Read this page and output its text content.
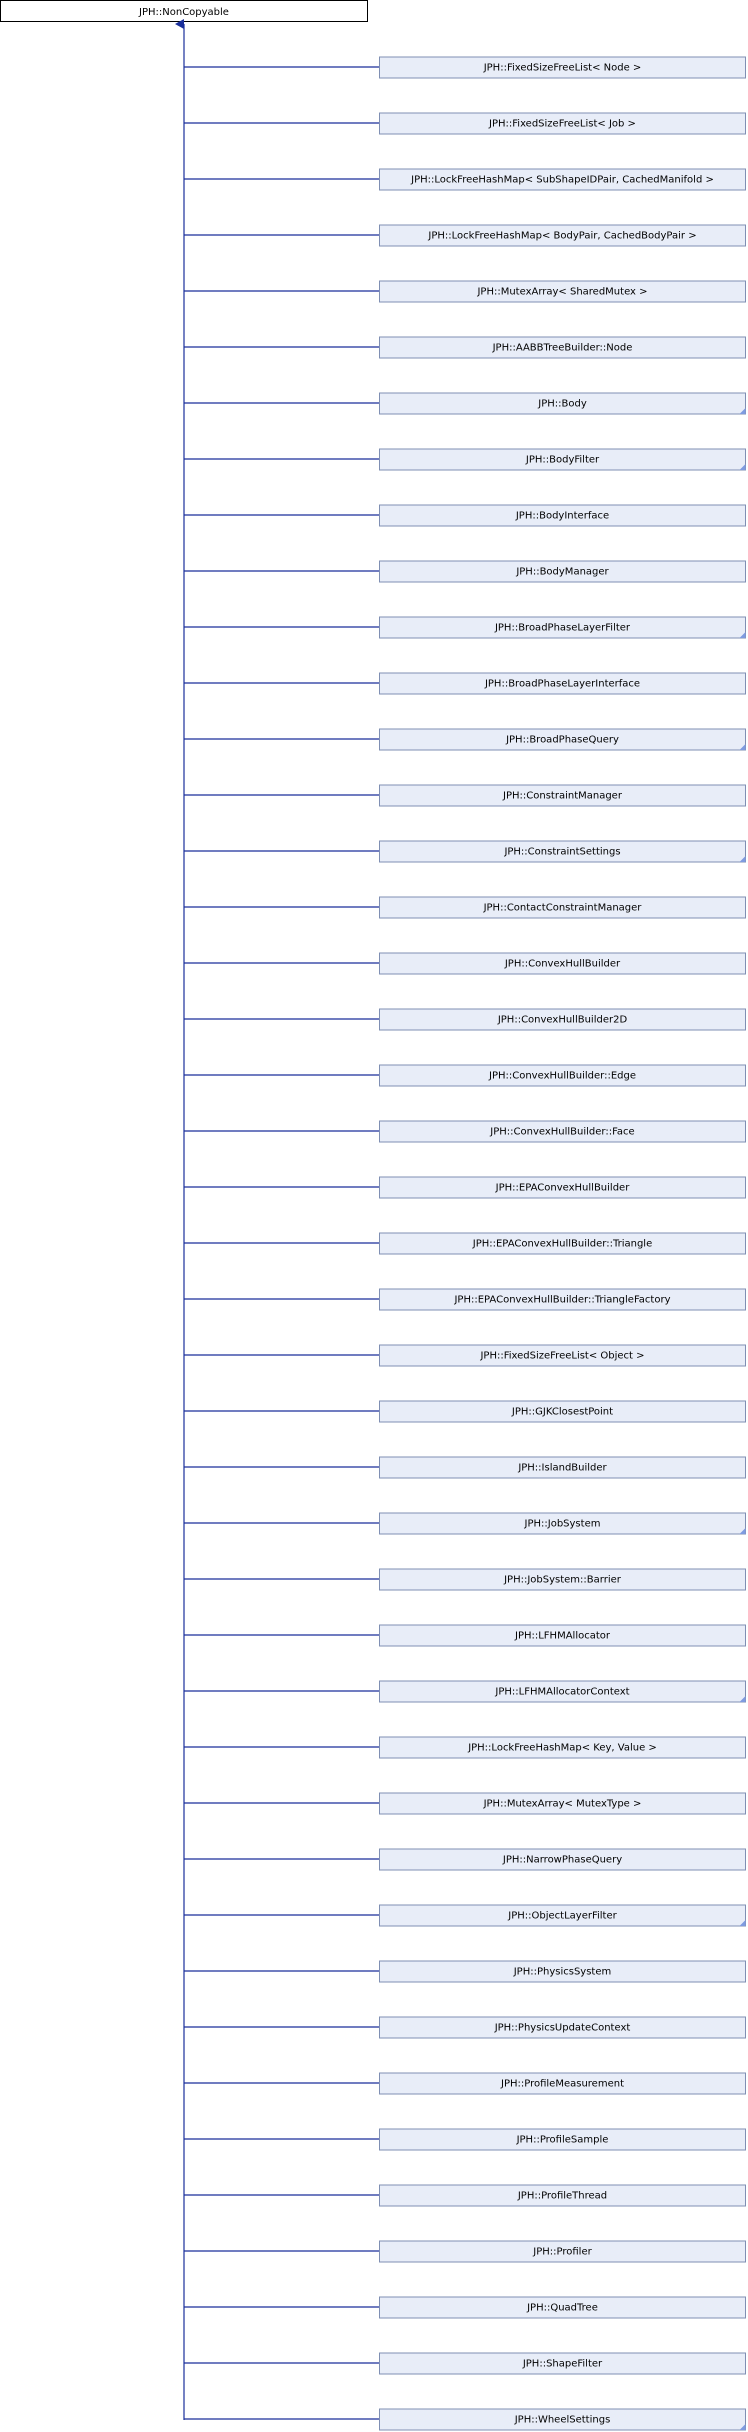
JPH::NonCopyable
JPH::FixedSizeFreeList< Node >
JPH::FixedSizeFreeList< Job >
JPH::LockFreeHashMap< SubShapeIDPair, CachedManifold >
JPH::LockFreeHashMap< BodyPair, CachedBodyPair >
JPH::MutexArray< SharedMutex >
JPH::AABBTreeBuilder::Node
JPH::Body
JPH::BodyFilter
JPH::BodyInterface
JPH::BodyManager
JPH::BroadPhaseLayerFilter
JPH::BroadPhaseLayerInterface
JPH::BroadPhaseQuery
JPH::ConstraintManager
JPH::ConstraintSettings
JPH::ContactConstraintManager
JPH::ConvexHullBuilder
JPH::ConvexHullBuilder2D
JPH::ConvexHullBuilder::Edge
JPH::ConvexHullBuilder::Face
JPH::EPAConvexHullBuilder
JPH::EPAConvexHullBuilder::Triangle
JPH::EPAConvexHullBuilder::TriangleFactory
JPH::FixedSizeFreeList< Object >
JPH::GJKClosestPoint
JPH::IslandBuilder
JPH::JobSystem
JPH::JobSystem::Barrier
JPH::LFHMAllocator
JPH::LFHMAllocatorContext
JPH::LockFreeHashMap< Key, Value >
JPH::MutexArray< MutexType >
JPH::NarrowPhaseQuery
JPH::ObjectLayerFilter
JPH::PhysicsSystem
JPH::PhysicsUpdateContext
JPH::ProfileMeasurement
JPH::ProfileSample
JPH::ProfileThread
JPH::Profiler
JPH::QuadTree
JPH::ShapeFilter
JPH::WheelSettings
